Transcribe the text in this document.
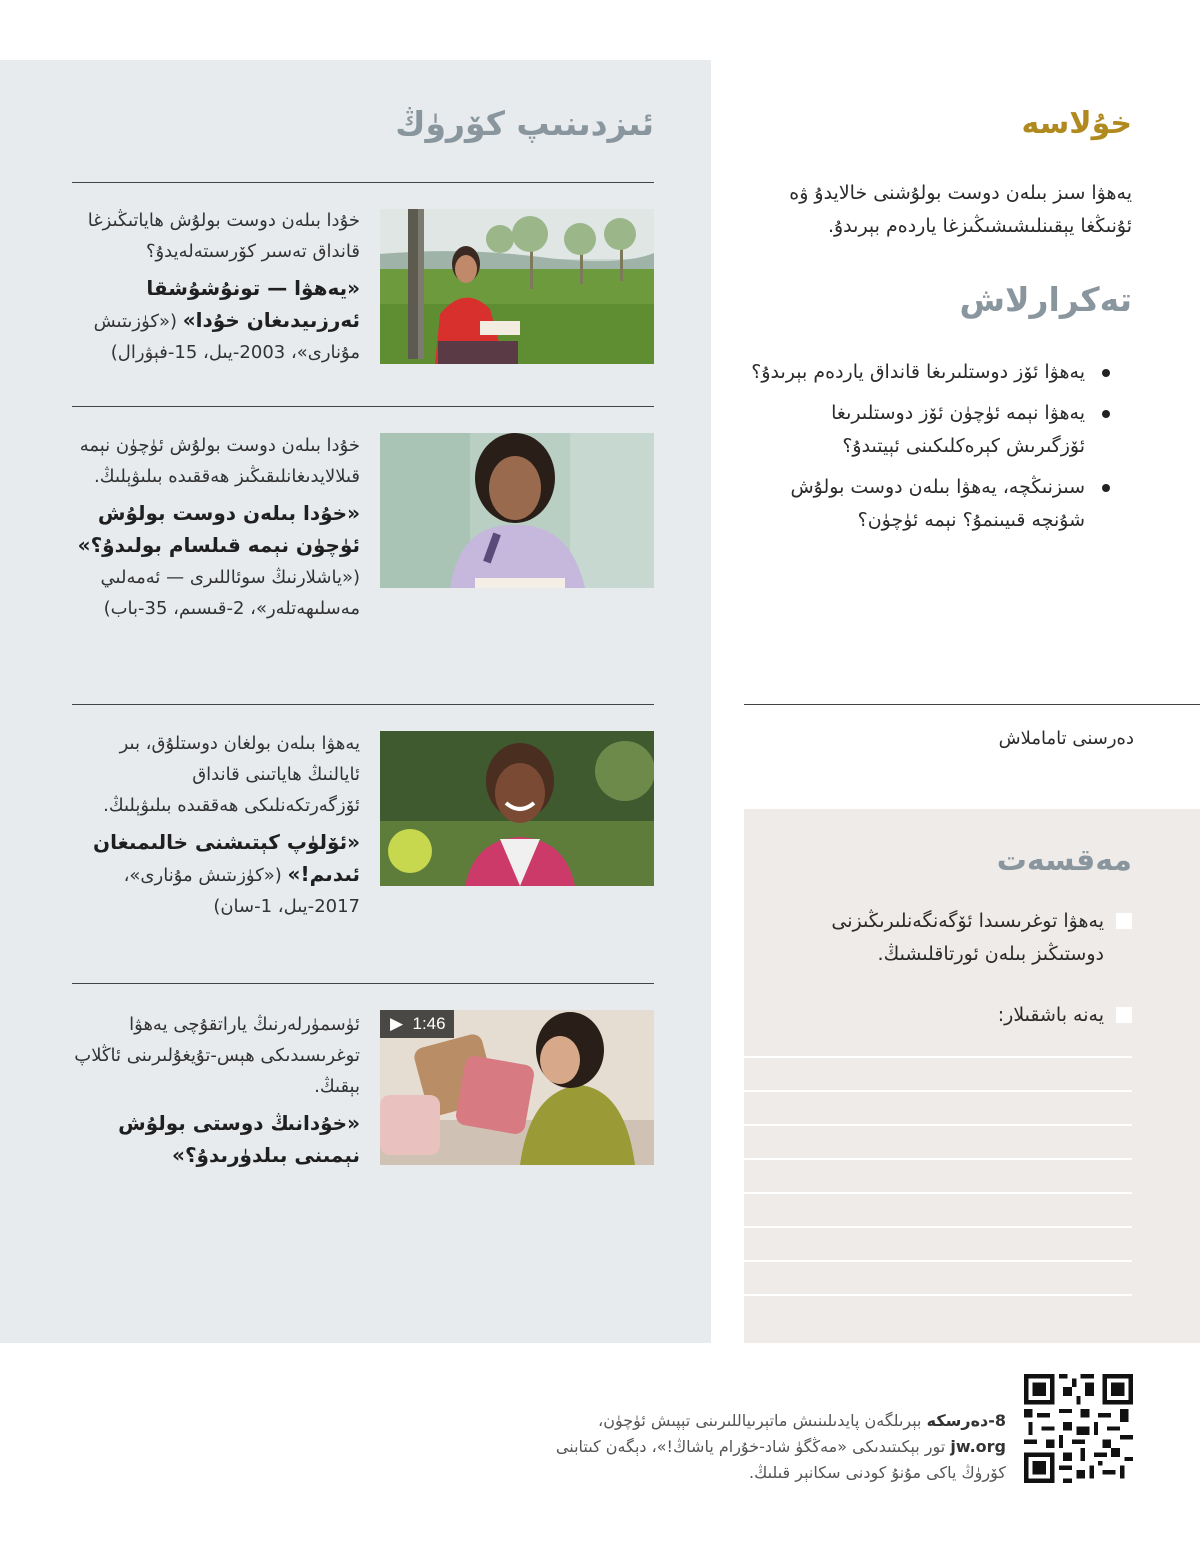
ئىزدىنىپ كۆرۈڭ
خۇدا بىلەن دوست بولۇش ھاياتىڭىزغا قانداق تەسىر كۆرسىتەلەيدۇ؟
«يەھۋا — تونۇشۇشقا ئەرزىيدىغان خۇدا» («كۈزىتىش مۇنارى»، 2003-يىل، 15-فېۋرال)
خۇدا بىلەن دوست بولۇش ئۈچۈن نېمە قىلالايدىغانلىقىڭىز ھەققىدە بىلىۋېلىڭ.
«خۇدا بىلەن دوست بولۇش ئۈچۈن نېمە قىلسام بولىدۇ؟» («ياشلارنىڭ سوئاللىرى — ئەمەلىي مەسلىھەتلەر»، 2-قىسىم، 35-باب)
يەھۋا بىلەن بولغان دوستلۇق، بىر ئايالنىڭ ھاياتىنى قانداق ئۆزگەرتكەنلىكى ھەققىدە بىلىۋېلىڭ.
«ئۆلۈپ كېتىشنى خالىمىغان ئىدىم!» («كۈزىتىش مۇنارى»، 2017-يىل، 1-سان)
▶ 1:46
ئۈسمۈرلەرنىڭ ياراتقۇچى يەھۋا توغرىسىدىكى ھېس-تۇيغۇلىرىنى ئاڭلاپ بېقىڭ.
«خۇدانىڭ دوستى بولۇش نېمىنى بىلدۈرىدۇ؟»
خۇلاسە

يەھۋا سىز بىلەن دوست بولۇشنى خالايدۇ ۋە ئۇنىڭغا يېقىنلىشىشىڭىزغا ياردەم بېرىدۇ.

تەكرارلاش
يەھۋا ئۆز دوستلىرىغا قانداق ياردەم بېرىدۇ؟
يەھۋا نېمە ئۈچۈن ئۆز دوستلىرىغا ئۆزگىرىش كېرەكلىكىنى ئېيتىدۇ؟
سىزنىڭچە، يەھۋا بىلەن دوست بولۇش شۇنچە قىيىنمۇ؟ نېمە ئۈچۈن؟
دەرسنى تاماملاش
مەقسەت
يەھۋا توغرىسىدا ئۆگەنگەنلىرىڭىزنى دوستىڭىز بىلەن ئورتاقلىشىڭ.
يەنە باشقىلار:
8-دەرسكە بېرىلگەن پايدىلىنىش ماتېرىياللىرىنى تېپىش ئۈچۈن، jw.org تور بېكىتىدىكى «مەڭگۈ شاد-خۇرام ياشاڭ!»، دېگەن كىتابنى كۆرۈڭ ياكى مۇنۇ كودنى سكانېر قىلىڭ.
